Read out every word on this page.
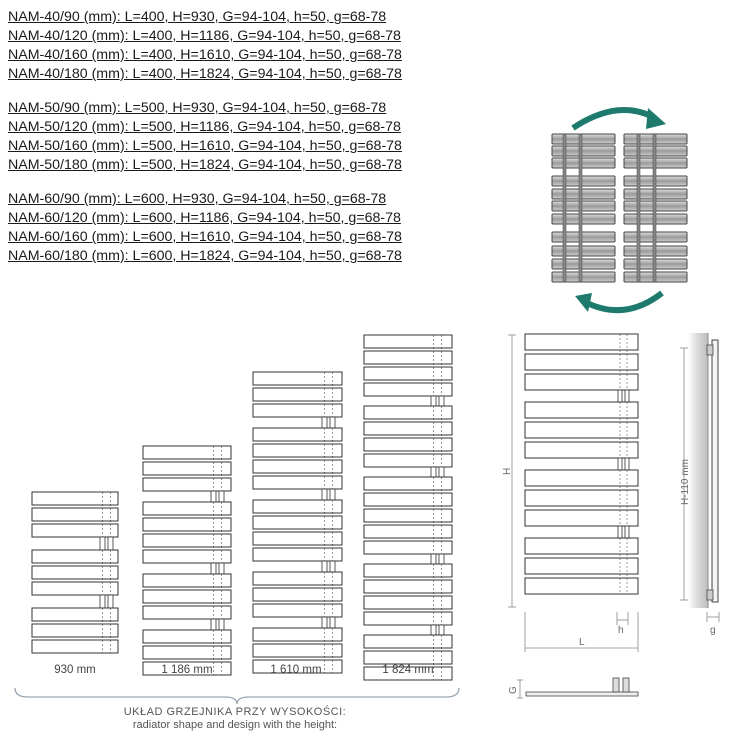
NAM-40/90 (mm): L=400, H=930, G=94-104, h=50, g=68-78
NAM-40/120 (mm): L=400, H=1186, G=94-104, h=50, g=68-78
NAM-40/160 (mm): L=400, H=1610, G=94-104, h=50, g=68-78
NAM-40/180 (mm): L=400, H=1824, G=94-104, h=50, g=68-78
NAM-50/90 (mm): L=500, H=930, G=94-104, h=50, g=68-78
NAM-50/120 (mm): L=500, H=1186, G=94-104, h=50, g=68-78
NAM-50/160 (mm): L=500, H=1610, G=94-104, h=50, g=68-78
NAM-50/180 (mm): L=500, H=1824, G=94-104, h=50, g=68-78
NAM-60/90 (mm): L=600, H=930, G=94-104, h=50, g=68-78
NAM-60/120 (mm): L=600, H=1186, G=94-104, h=50, g=68-78
NAM-60/160 (mm): L=600, H=1610, G=94-104, h=50, g=68-78
NAM-60/180 (mm): L=600, H=1824, G=94-104, h=50, g=68-78
H-110 mm
g
H
L
h
G
930 mm	1 186 mm	1 610 mm	1 824 mm
UKŁAD GRZEJNIKA PRZY WYSOKOŚCI:
radiator shape and design with the height:
